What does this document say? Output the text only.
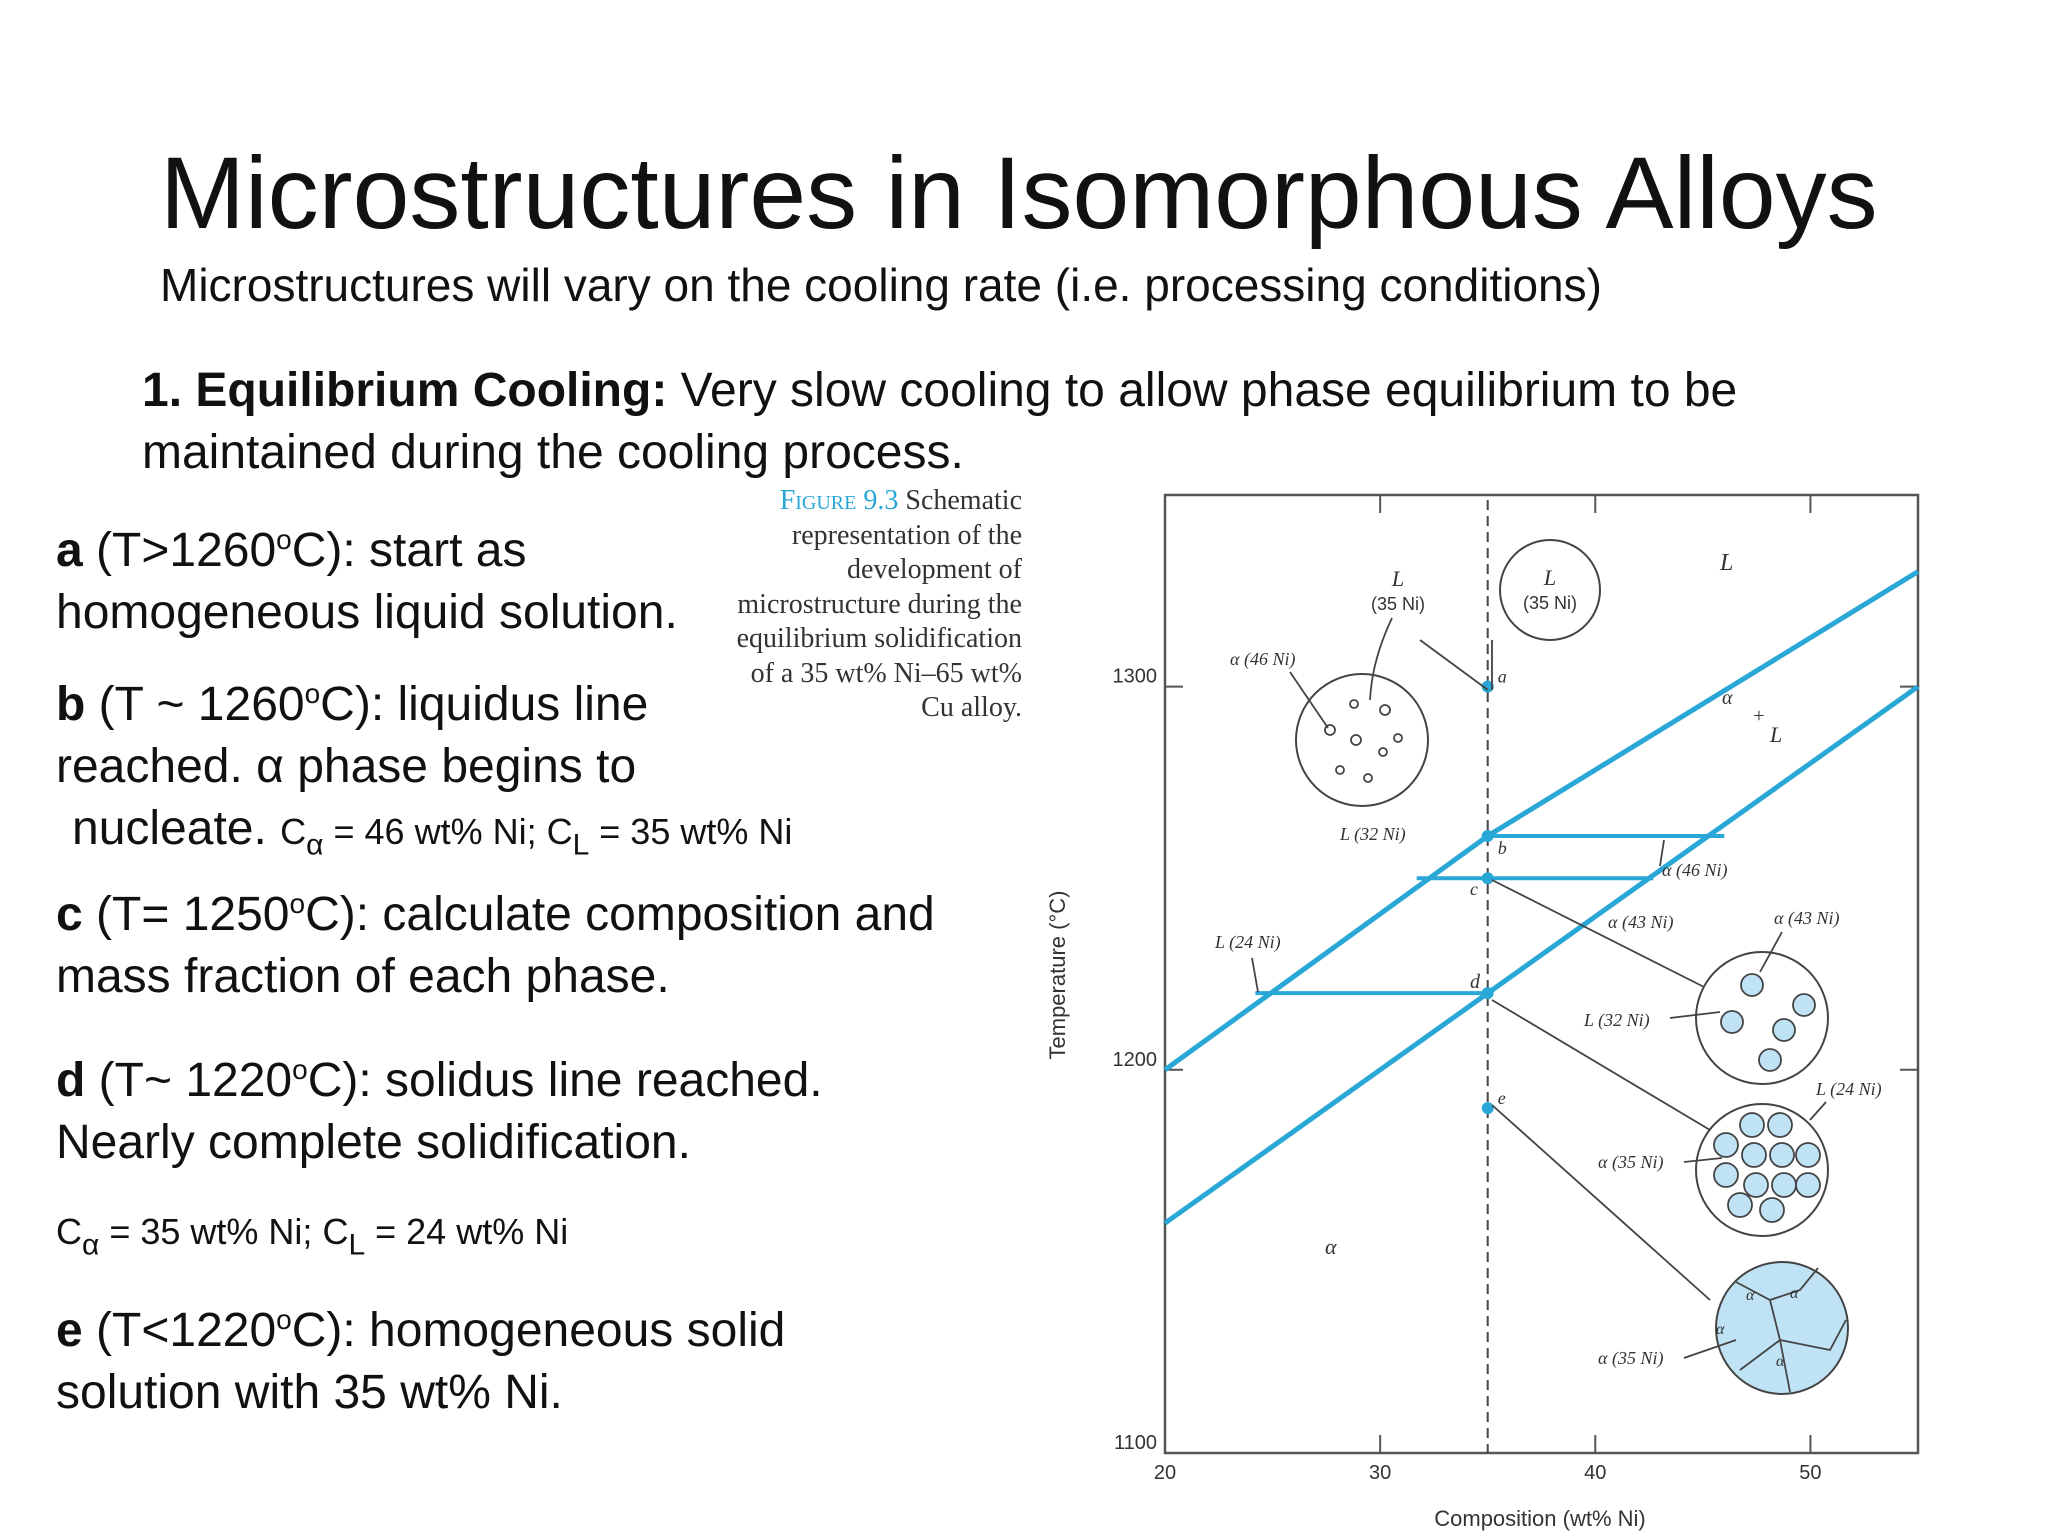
Microstructures in Isomorphous Alloys
Microstructures will vary on the cooling rate (i.e. processing conditions)
1. Equilibrium Cooling: Very slow cooling to allow phase equilibrium to be maintained during the cooling process.
a $(T>1260^oC)$: start as homogeneous liquid solution.
b (T ~ 1260$^o$C): liquidus line reached. α phase begins to
nucleate. $C_\alpha = 46$ wt% Ni; $C_L = 35$ wt% Ni
c $(T= 1250^oC)$: calculate composition and mass fraction of each phase.
d (T~ 1220$^o$C): solidus line reached. Nearly complete solidification.
$C_\alpha = 35$ wt% Ni; $C_L = 24$ wt% Ni
e $(T<1220^oC)$: homogeneous solid solution with 35 wt% Ni.
Figure 9.3 Schematic representation of the development of microstructure during the equilibrium solidification of a 35 wt% Ni–65 wt% Cu alloy.
20	30	40	50
1100
1200
1300
Composition (wt% Ni)
Temperature (°C)
a
b
e
L
α
+
L
α
L
(35 Ni)
α (46 Ni)
L
(35 Ni)
α (46 Ni)
α (43 Ni)	α (43 Ni)
L (32 Ni)
L (32 Ni)
c
α (35 Ni)
L (24 Ni)
L (24 Ni)
d
α α
α
α
α (35 Ni)
